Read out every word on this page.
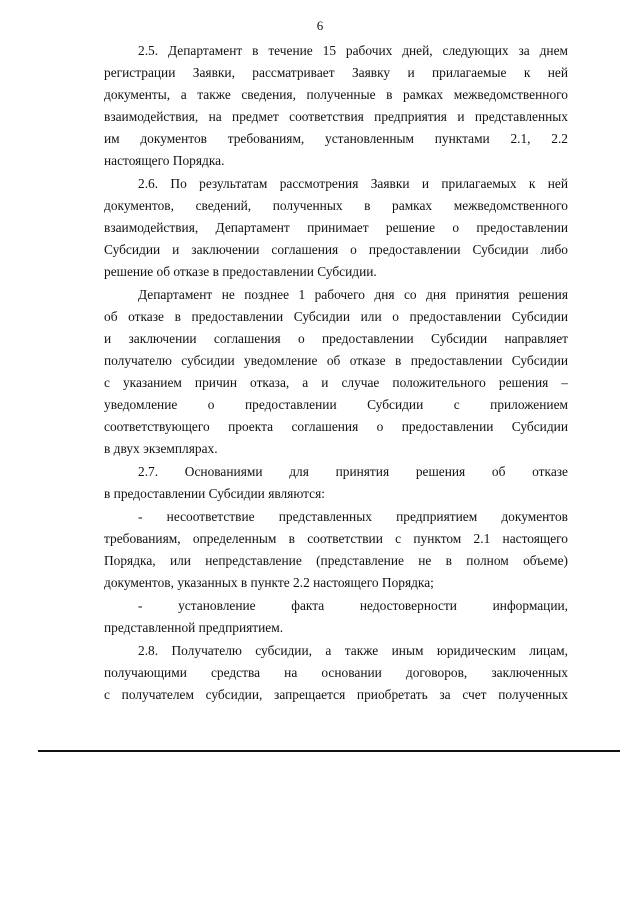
6
2.5. Департамент в течение 15 рабочих дней, следующих за днем
регистрации Заявки, рассматривает Заявку и прилагаемые к ней
документы, а также сведения, полученные в рамках межведомственного
взаимодействия, на предмет соответствия предприятия и представленных
им документов требованиям, установленным пунктами 2.1, 2.2
настоящего Порядка.
2.6. По результатам рассмотрения Заявки и прилагаемых к ней
документов, сведений, полученных в рамках межведомственного
взаимодействия, Департамент принимает решение о предоставлении
Субсидии и заключении соглашения о предоставлении Субсидии либо
решение об отказе в предоставлении Субсидии.
Департамент не позднее 1 рабочего дня со дня принятия решения
об отказе в предоставлении Субсидии или о предоставлении Субсидии
и заключении соглашения о предоставлении Субсидии направляет
получателю субсидии уведомление об отказе в предоставлении Субсидии
с указанием причин отказа, а и случае положительного решения –
уведомление о предоставлении Субсидии с приложением
соответствующего проекта соглашения о предоставлении Субсидии
в двух экземплярах.
2.7. Основаниями для принятия решения об отказе
в предоставлении Субсидии являются:
- несоответствие представленных предприятием документов
требованиям, определенным в соответствии с пунктом 2.1 настоящего
Порядка, или непредставление (представление не в полном объеме)
документов, указанных в пункте 2.2 настоящего Порядка;
- установление факта недостоверности информации,
представленной предприятием.
2.8. Получателю субсидии, а также иным юридическим лицам,
получающими средства на основании договоров, заключенных
с получателем субсидии, запрещается приобретать за счет полученных
